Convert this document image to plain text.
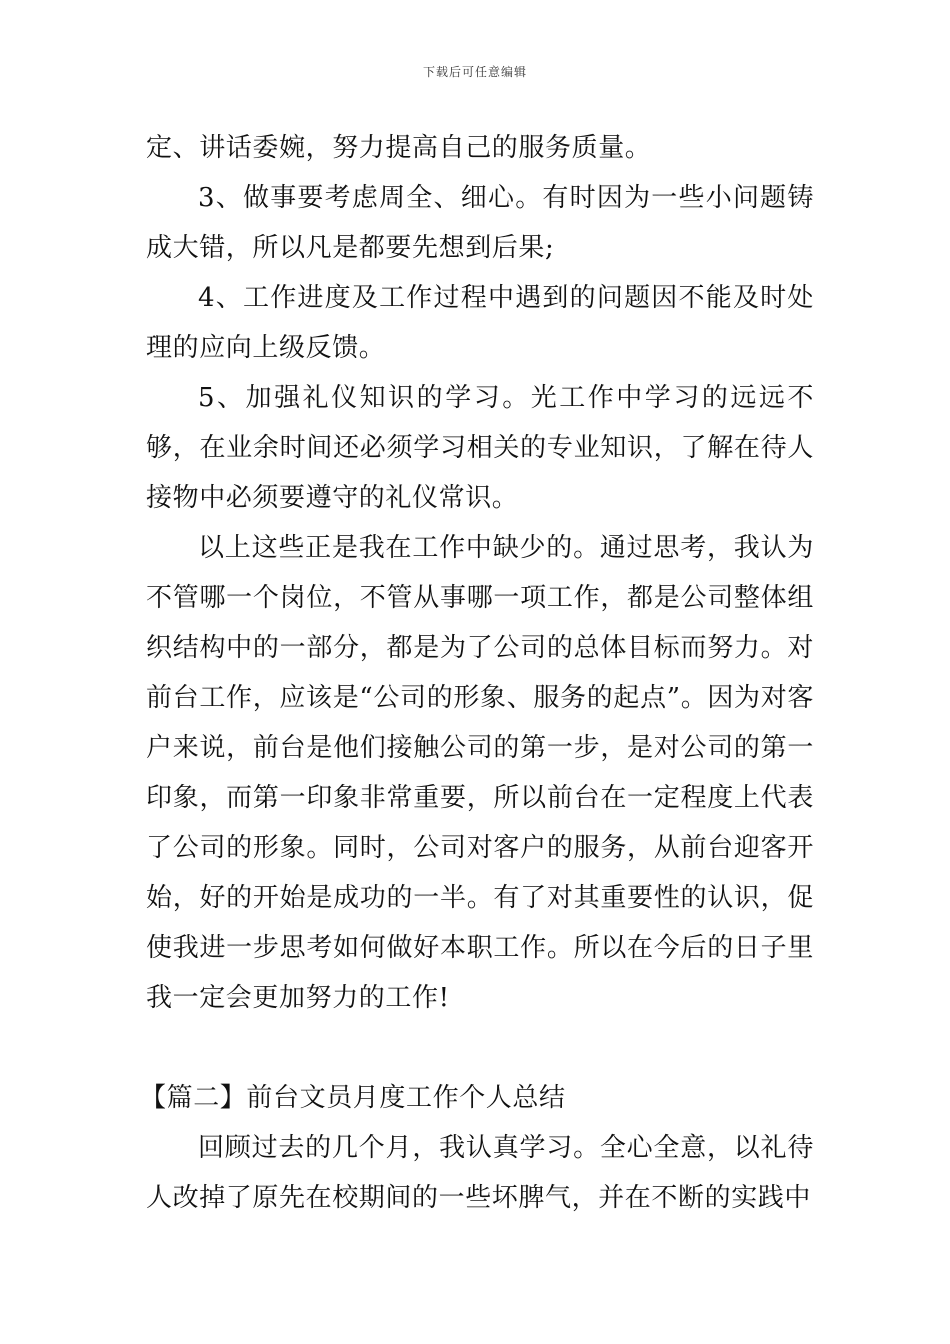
下载后可任意编辑

定、讲话委婉，努力提高自己的服务质量。

3、做事要考虑周全、细心。有时因为一些小问题铸成大错，所以凡是都要先想到后果;

4、工作进度及工作过程中遇到的问题因不能及时处理的应向上级反馈。

5、加强礼仪知识的学习。光工作中学习的远远不够，在业余时间还必须学习相关的专业知识，了解在待人接物中必须要遵守的礼仪常识。

以上这些正是我在工作中缺少的。通过思考，我认为不管哪一个岗位，不管从事哪一项工作，都是公司整体组织结构中的一部分，都是为了公司的总体目标而努力。对前台工作，应该是“公司的形象、服务的起点”。因为对客户来说，前台是他们接触公司的第一步，是对公司的第一印象，而第一印象非常重要，所以前台在一定程度上代表了公司的形象。同时，公司对客户的服务，从前台迎客开始，好的开始是成功的一半。有了对其重要性的认识，促使我进一步思考如何做好本职工作。所以在今后的日子里我一定会更加努力的工作!

【篇二】前台文员月度工作个人总结

回顾过去的几个月，我认真学习。全心全意，以礼待人改掉了原先在校期间的一些坏脾气，并在不断的实践中
